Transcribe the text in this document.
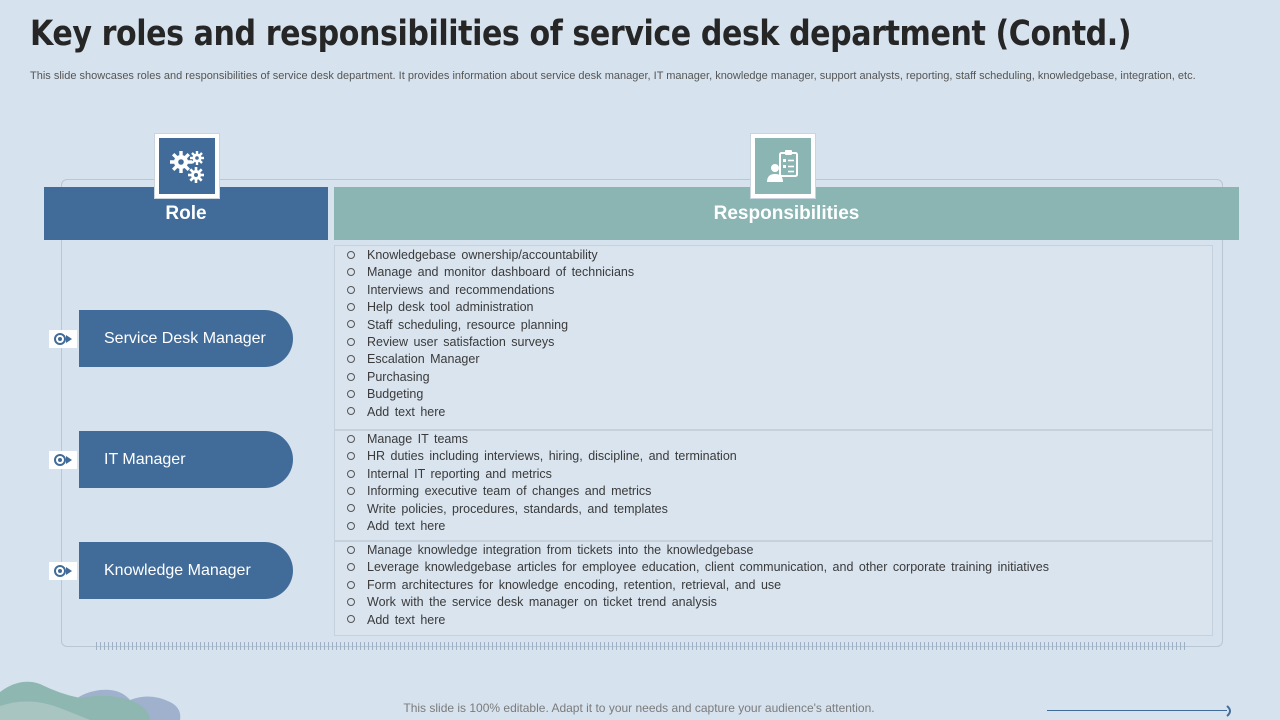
Key roles and responsibilities of service desk department (Contd.)
This slide showcases roles and responsibilities of service desk department. It provides information about service desk manager, IT manager, knowledge manager, support analysts, reporting, staff scheduling, knowledgebase, integration, etc.
Role	Responsibilities
Knowledgebase ownership/accountability
Manage and monitor dashboard of technicians
Interviews and recommendations
Help desk tool administration
Staff scheduling, resource planning
Review user satisfaction surveys
Escalation Manager
Purchasing
Budgeting
Add text here
Service Desk Manager
Manage IT teams
HR duties including interviews, hiring, discipline, and termination
Internal IT reporting and metrics
Informing executive team of changes and metrics
Write policies, procedures, standards, and templates
Add text here
IT Manager
Manage knowledge integration from tickets into the knowledgebase
Leverage knowledgebase articles for employee education, client communication, and other corporate training initiatives
Form architectures for knowledge encoding, retention, retrieval, and use
Work with the service desk manager on ticket trend analysis
Add text here
Knowledge Manager
This slide is 100% editable. Adapt it to your needs and capture your audience's attention.
